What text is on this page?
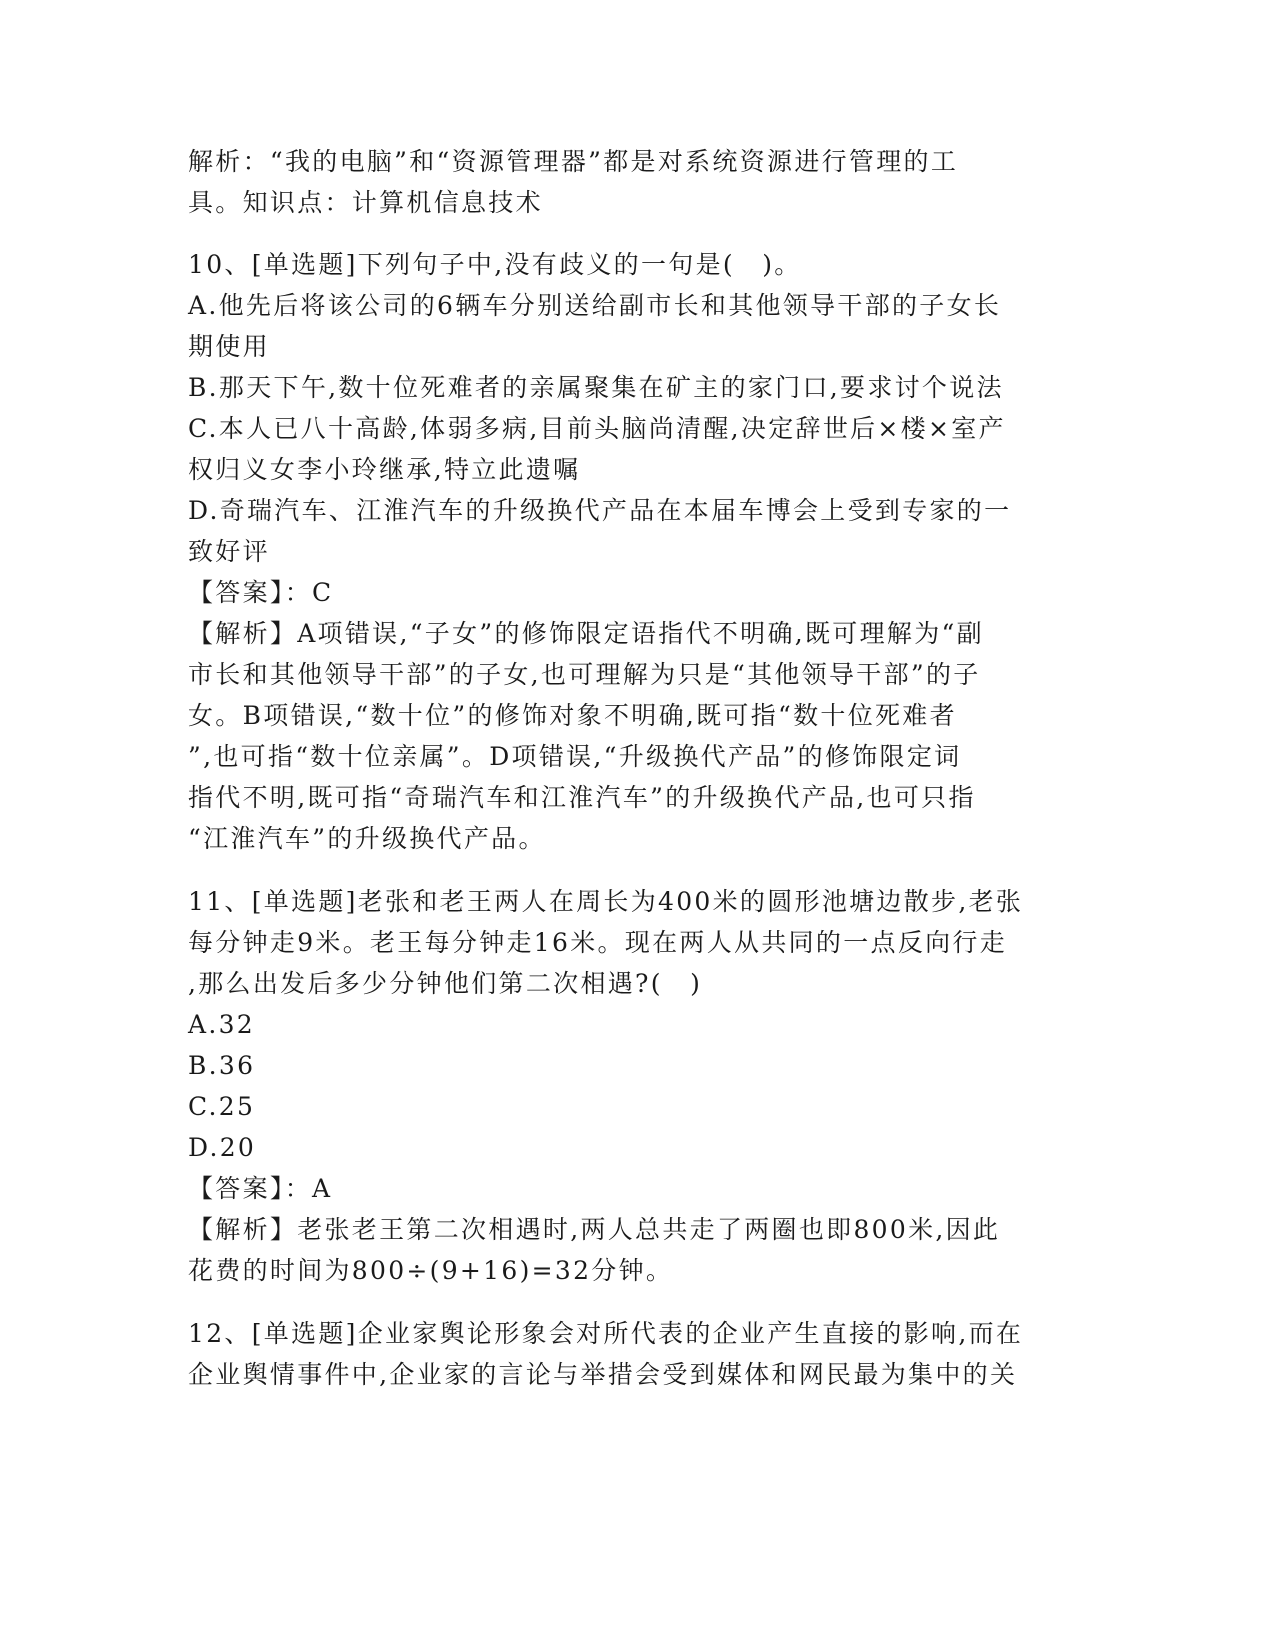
解析：“我的电脑”和“资源管理器”都是对系统资源进行管理的工
具。知识点：计算机信息技术
10、[单选题]下列句子中,没有歧义的一句是(　)。
A.他先后将该公司的6辆车分别送给副市长和其他领导干部的子女长
期使用
B.那天下午,数十位死难者的亲属聚集在矿主的家门口,要求讨个说法
C.本人已八十高龄,体弱多病,目前头脑尚清醒,决定辞世后×楼×室产
权归义女李小玲继承,特立此遗嘱
D.奇瑞汽车、江淮汽车的升级换代产品在本届车博会上受到专家的一
致好评
【答案】：C
【解析】A项错误,“子女”的修饰限定语指代不明确,既可理解为“副
市长和其他领导干部”的子女,也可理解为只是“其他领导干部”的子
女。B项错误,“数十位”的修饰对象不明确,既可指“数十位死难者
”,也可指“数十位亲属”。D项错误,“升级换代产品”的修饰限定词
指代不明,既可指“奇瑞汽车和江淮汽车”的升级换代产品,也可只指
“江淮汽车”的升级换代产品。
11、[单选题]老张和老王两人在周长为400米的圆形池塘边散步,老张
每分钟走9米。老王每分钟走16米。现在两人从共同的一点反向行走
,那么出发后多少分钟他们第二次相遇?(　)
A.32
B.36
C.25
D.20
【答案】：A
【解析】老张老王第二次相遇时,两人总共走了两圈也即800米,因此
花费的时间为800÷(9+16)=32分钟。
12、[单选题]企业家舆论形象会对所代表的企业产生直接的影响,而在
企业舆情事件中,企业家的言论与举措会受到媒体和网民最为集中的关
